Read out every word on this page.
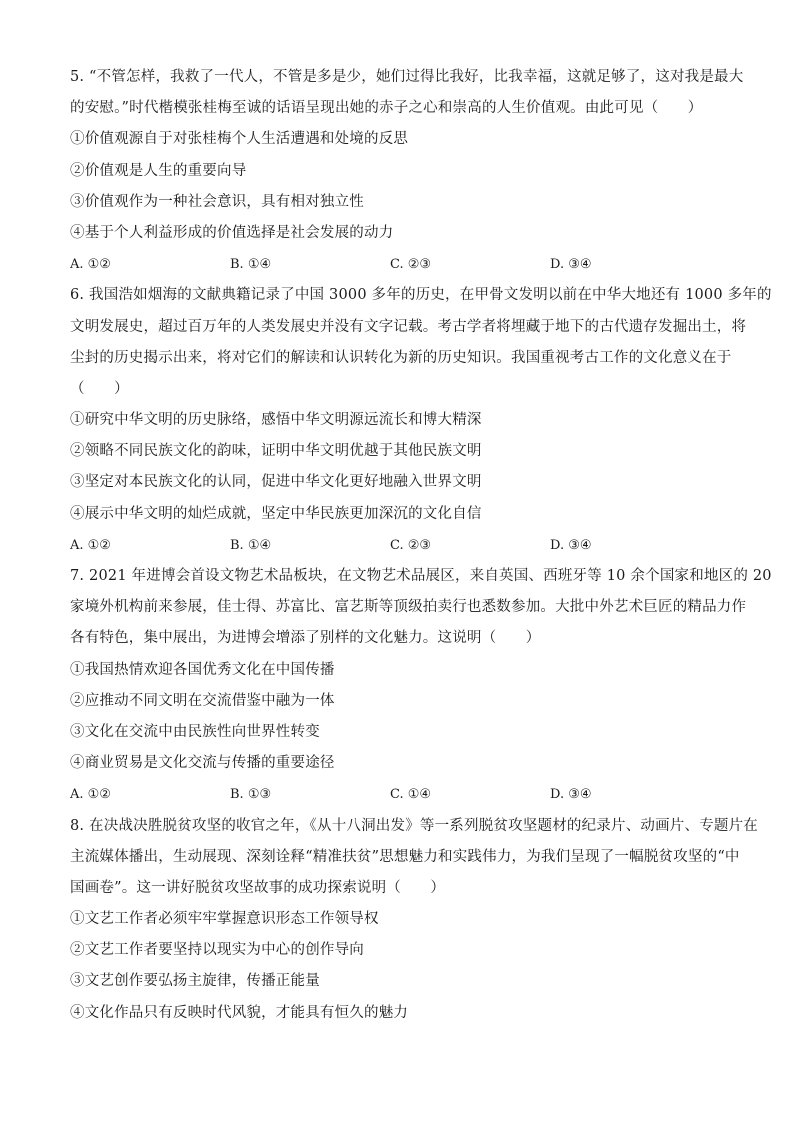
5. “不管怎样，我救了一代人，不管是多是少，她们过得比我好，比我幸福，这就足够了，这对我是最大
的安慰。”时代楷模张桂梅至诚的话语呈现出她的赤子之心和崇高的人生价值观。由此可见（　　）
①价值观源自于对张桂梅个人生活遭遇和处境的反思
②价值观是人生的重要向导
③价值观作为一种社会意识，具有相对独立性
④基于个人利益形成的价值选择是社会发展的动力
A. ①②	B. ①④	C. ②③	D. ③④
6. 我国浩如烟海的文献典籍记录了中国 3000 多年的历史，在甲骨文发明以前在中华大地还有 1000 多年的
文明发展史，超过百万年的人类发展史并没有文字记载。考古学者将埋藏于地下的古代遗存发掘出土，将
尘封的历史揭示出来，将对它们的解读和认识转化为新的历史知识。我国重视考古工作的文化意义在于
（　　）
①研究中华文明的历史脉络，感悟中华文明源远流长和博大精深
②领略不同民族文化的韵味，证明中华文明优越于其他民族文明
③坚定对本民族文化的认同，促进中华文化更好地融入世界文明
④展示中华文明的灿烂成就，坚定中华民族更加深沉的文化自信
A. ①②	B. ①④	C. ②③	D. ③④
7. 2021 年进博会首设文物艺术品板块，在文物艺术品展区，来自英国、西班牙等 10 余个国家和地区的 20
家境外机构前来参展，佳士得、苏富比、富艺斯等顶级拍卖行也悉数参加。大批中外艺术巨匠的精品力作
各有特色，集中展出，为进博会增添了别样的文化魅力。这说明（　　）
①我国热情欢迎各国优秀文化在中国传播
②应推动不同文明在交流借鉴中融为一体
③文化在交流中由民族性向世界性转变
④商业贸易是文化交流与传播的重要途径
A. ①②	B. ①③	C. ①④	D. ③④
8. 在决战决胜脱贫攻坚的收官之年，《从十八洞出发》等一系列脱贫攻坚题材的纪录片、动画片、专题片在
主流媒体播出，生动展现、深刻诠释“精准扶贫”思想魅力和实践伟力，为我们呈现了一幅脱贫攻坚的“中
国画卷”。这一讲好脱贫攻坚故事的成功探索说明（　　）
①文艺工作者必须牢牢掌握意识形态工作领导权
②文艺工作者要坚持以现实为中心的创作导向
③文艺创作要弘扬主旋律，传播正能量
④文化作品只有反映时代风貌，才能具有恒久的魅力
